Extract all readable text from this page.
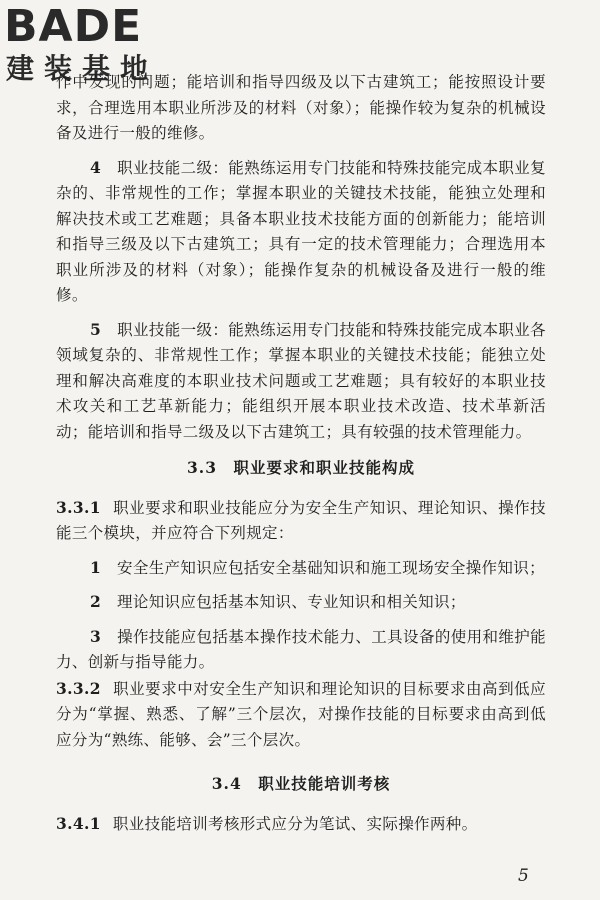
BADE
建装基地

作中发现的问题；能培训和指导四级及以下古建筑工；能按照设计要求，合理选用本职业所涉及的材料（对象）；能操作较为复杂的机械设备及进行一般的维修。

4　 职业技能二级：能熟练运用专门技能和特殊技能完成本职业复杂的、非常规性的工作；掌握本职业的关键技术技能，能独立处理和解决技术或工艺难题；具备本职业技术技能方面的创新能力；能培训和指导三级及以下古建筑工；具有一定的技术管理能力；合理选用本职业所涉及的材料（对象）；能操作复杂的机械设备及进行一般的维修。

5　 职业技能一级：能熟练运用专门技能和特殊技能完成本职业各领域复杂的、非常规性工作；掌握本职业的关键技术技能；能独立处理和解决高难度的本职业技术问题或工艺难题；具有较好的本职业技术攻关和工艺革新能力；能组织开展本职业技术改造、技术革新活动；能培训和指导二级及以下古建筑工；具有较强的技术管理能力。

3.3　职业要求和职业技能构成

3.3.1 职业要求和职业技能应分为安全生产知识、理论知识、操作技能三个模块，并应符合下列规定：

1　 安全生产知识应包括安全基础知识和施工现场安全操作知识；

2　 理论知识应包括基本知识、专业知识和相关知识；

3　 操作技能应包括基本操作技术能力、工具设备的使用和维护能力、创新与指导能力。

3.3.2 职业要求中对安全生产知识和理论知识的目标要求由高到低应分为“掌握、熟悉、了解”三个层次，对操作技能的目标要求由高到低应分为“熟练、能够、会”三个层次。

3.4　职业技能培训考核

3.4.1 职业技能培训考核形式应分为笔试、实际操作两种。

5
